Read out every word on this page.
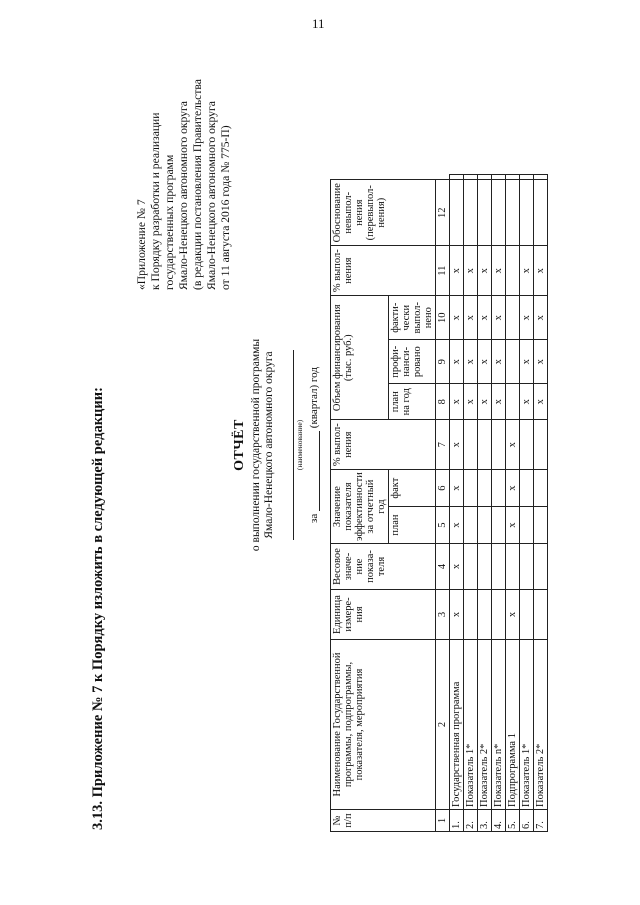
11
3.13. Приложение № 7 к Порядку изложить в следующей редакции:
«Приложение № 7 к Порядку разработки и реализации государственных программ Ямало-Ненецкого автономного округа (в редакции постановления Правительства Ямало-Ненецкого автономного округа от 11 августа 2016 года № 775-П)
ОТЧЁТ о выполнении государственной программы Ямало-Ненецкого автономного округа	(наименование)
за  (квартал) год
№ п/п	Наименование Государственной программы, подпрограммы, показателя, мероприятия	Единица измере-ния	Весовое значе-ние показа-теля	Значение показателя эффективности за отчетный год		% выпол-нения	Объем финансирования (тыс. руб.)			% выпол-нения	Обоснование невыпол-нения (перевыпол-нения)	
				план	факт		план на год	профи-нанси-ровано	факти-чески выпол-нено			
1	2	3	4	5	6	7	8	9	10	11	12	
1.	Государственная программа	х	х	х	х	х	х	х	х	х		
2.	Показатель 1*						х	х	х	х		
3.	Показатель 2*						х	х	х	х		
4.	Показатель n*						х	х	х	х		
5.	Подпрограмма 1	х		х	х	х						
6.	Показатель 1*						х	х	х	х		
7.	Показатель 2*						х	х	х	х		
